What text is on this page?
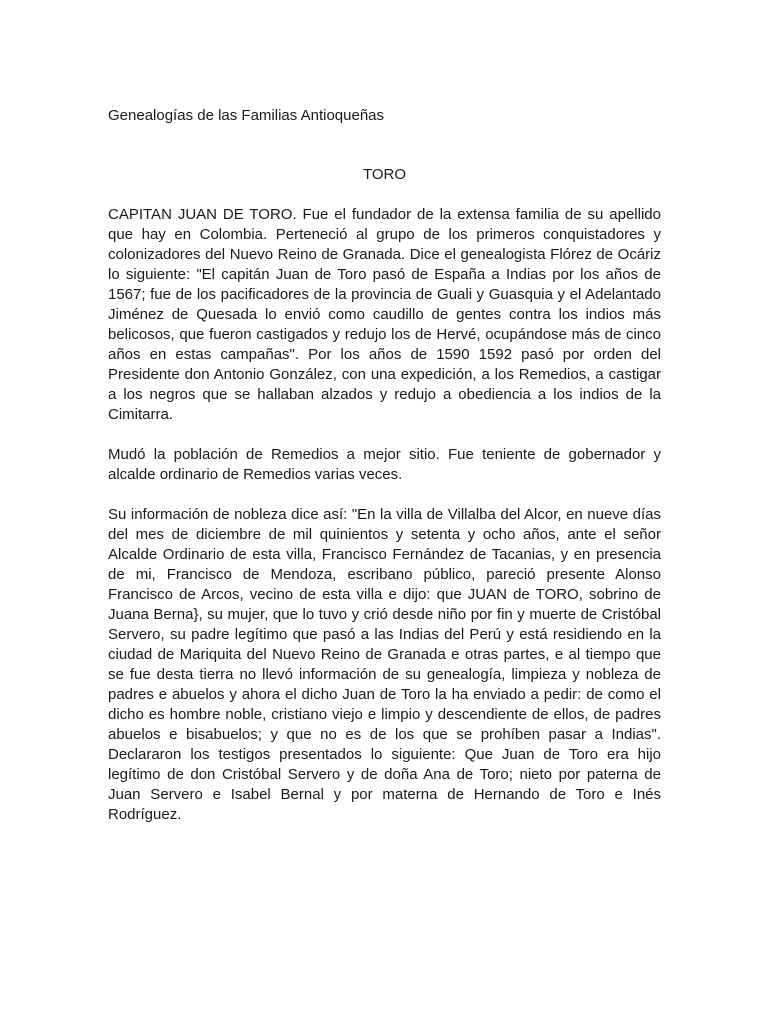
Genealogías de las Familias Antioqueñas

TORO

CAPITAN JUAN DE TORO. Fue el fundador de la extensa familia de su apellido que hay en Colombia. Perteneció al grupo de los primeros conquistadores y colonizadores del Nuevo Reino de Granada. Dice el genealogista Flórez de Ocáriz lo siguiente: "El capitán Juan de Toro pasó de España a Indias por los años de 1567; fue de los pacificadores de la provincia de Guali y Guasquia y el Adelantado Jiménez de Quesada lo envió como caudillo de gentes contra los indios más belicosos, que fueron castigados y redujo los de Hervé, ocupándose más de cinco años en estas campañas". Por los años de 1590 1592 pasó por orden del Presidente don Antonio González, con una expedición, a los Remedios, a castigar a los negros que se hallaban alzados y redujo a obediencia a los indios de la Cimitarra.

Mudó la población de Remedios a mejor sitio. Fue teniente de gobernador y alcalde ordinario de Remedios varias veces.

Su información de nobleza dice así: "En la villa de Villalba del Alcor, en nueve días del mes de diciembre de mil quinientos y setenta y ocho años, ante el señor Alcalde Ordinario de esta villa, Francisco Fernández de Tacanias, y en presencia de mi, Francisco de Mendoza, escribano público, pareció presente Alonso Francisco de Arcos, vecino de esta villa e dijo: que JUAN de TORO, sobrino de Juana Berna}, su mujer, que lo tuvo y crió desde niño por fin y muerte de Cristóbal Servero, su padre legítimo que pasó a las Indias del Perú y está residiendo en la ciudad de Mariquita del Nuevo Reino de Granada e otras partes, e al tiempo que se fue desta tierra no llevó información de su genealogía, limpieza y nobleza de padres e abuelos y ahora el dicho Juan de Toro la ha enviado a pedir: de como el dicho es hombre noble, cristiano viejo e limpio y descendiente de ellos, de padres abuelos e bisabuelos; y que no es de los que se prohíben pasar a Indias". Declararon los testigos presentados lo siguiente: Que Juan de Toro era hijo legítimo de don Cristóbal Servero y de doña Ana de Toro; nieto por paterna de Juan Servero e Isabel Bernal y por materna de Hernando de Toro e Inés Rodríguez.
